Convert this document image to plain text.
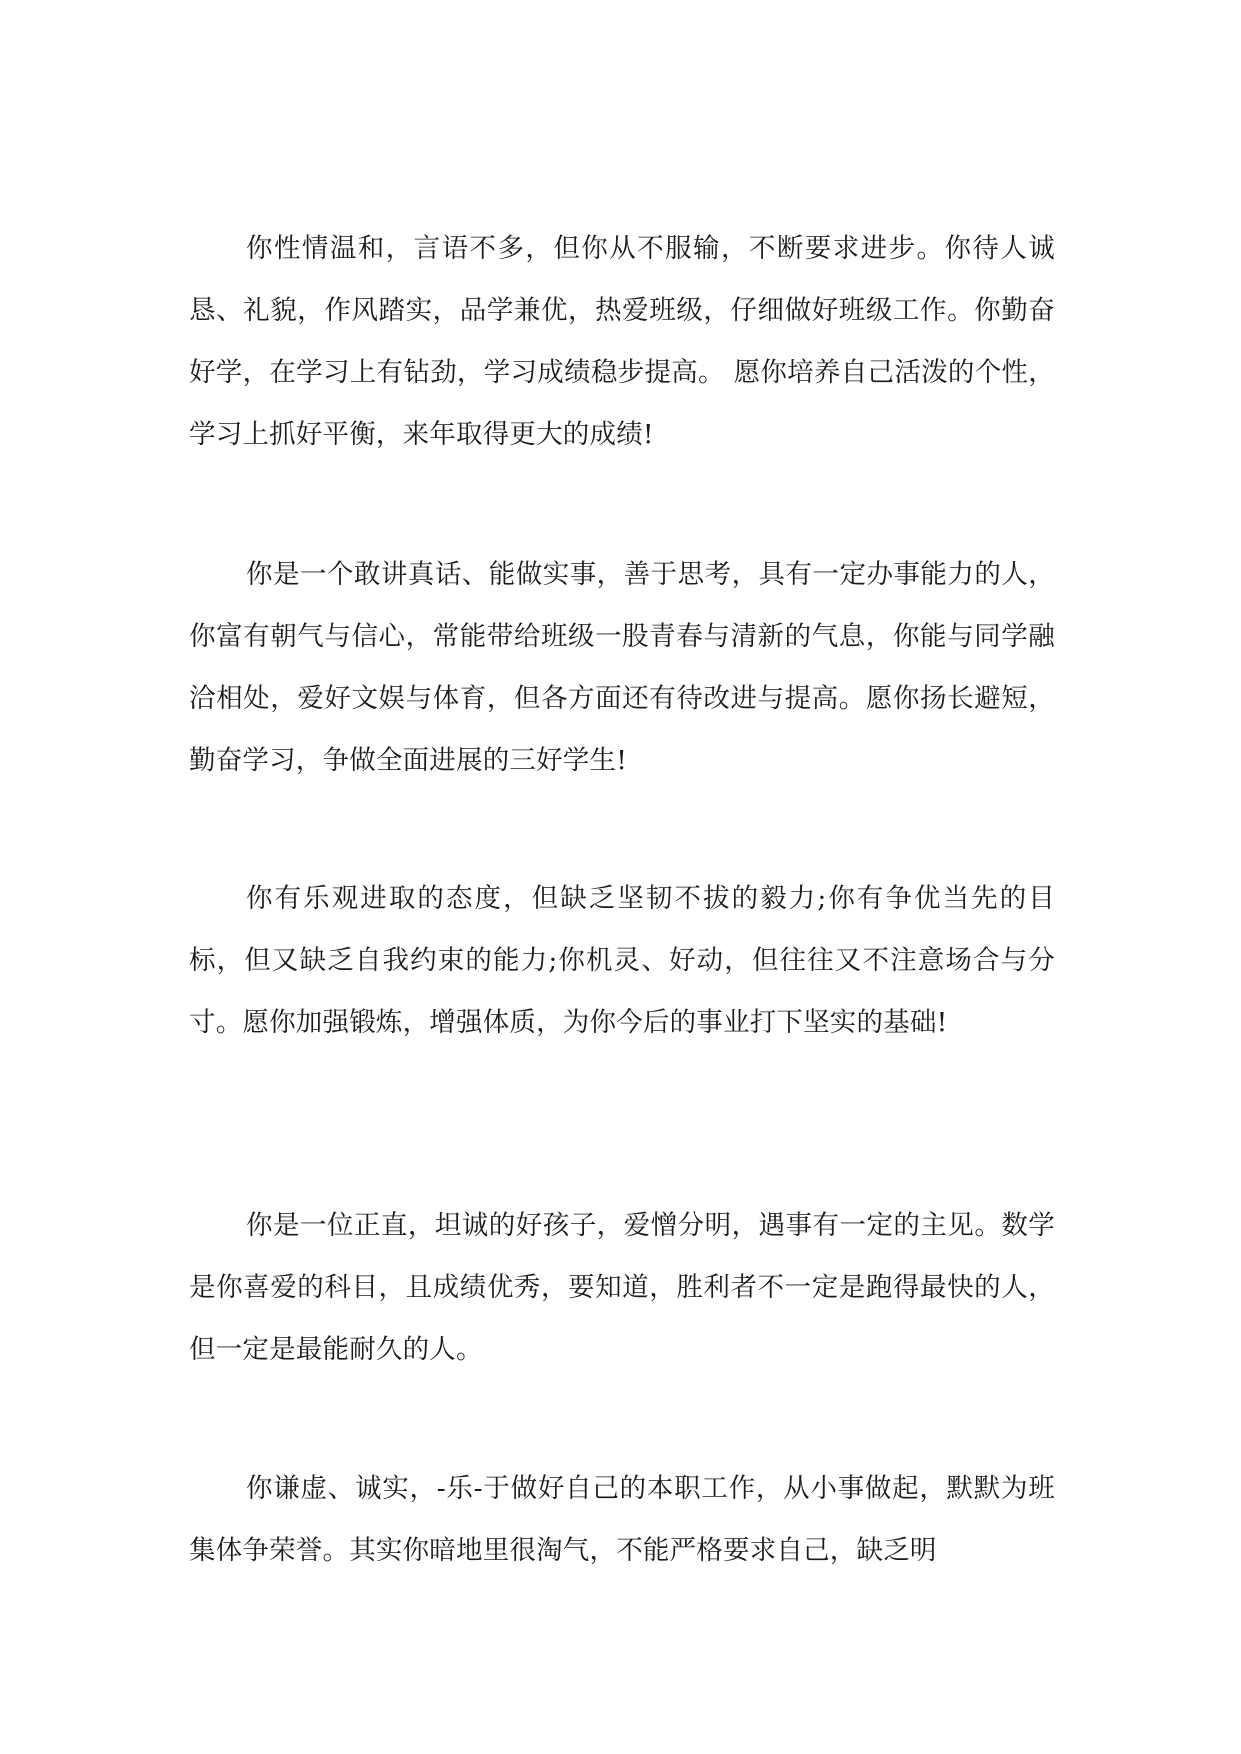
你性情温和，言语不多，但你从不服输，不断要求进步。你待人诚恳、礼貌，作风踏实，品学兼优，热爱班级，仔细做好班级工作。你勤奋好学，在学习上有钻劲，学习成绩稳步提高。 愿你培养自己活泼的个性，学习上抓好平衡，来年取得更大的成绩!

你是一个敢讲真话、能做实事，善于思考，具有一定办事能力的人，你富有朝气与信心，常能带给班级一股青春与清新的气息，你能与同学融洽相处，爱好文娱与体育，但各方面还有待改进与提高。愿你扬长避短，勤奋学习，争做全面进展的三好学生!

你有乐观进取的态度，但缺乏坚韧不拔的毅力;你有争优当先的目标，但又缺乏自我约束的能力;你机灵、好动，但往往又不注意场合与分寸。愿你加强锻炼，增强体质，为你今后的事业打下坚实的基础!

你是一位正直，坦诚的好孩子，爱憎分明，遇事有一定的主见。数学是你喜爱的科目，且成绩优秀，要知道，胜利者不一定是跑得最快的人，但一定是最能耐久的人。

你谦虚、诚实，-乐-于做好自己的本职工作，从小事做起，默默为班集体争荣誉。其实你暗地里很淘气，不能严格要求自己，缺乏明
